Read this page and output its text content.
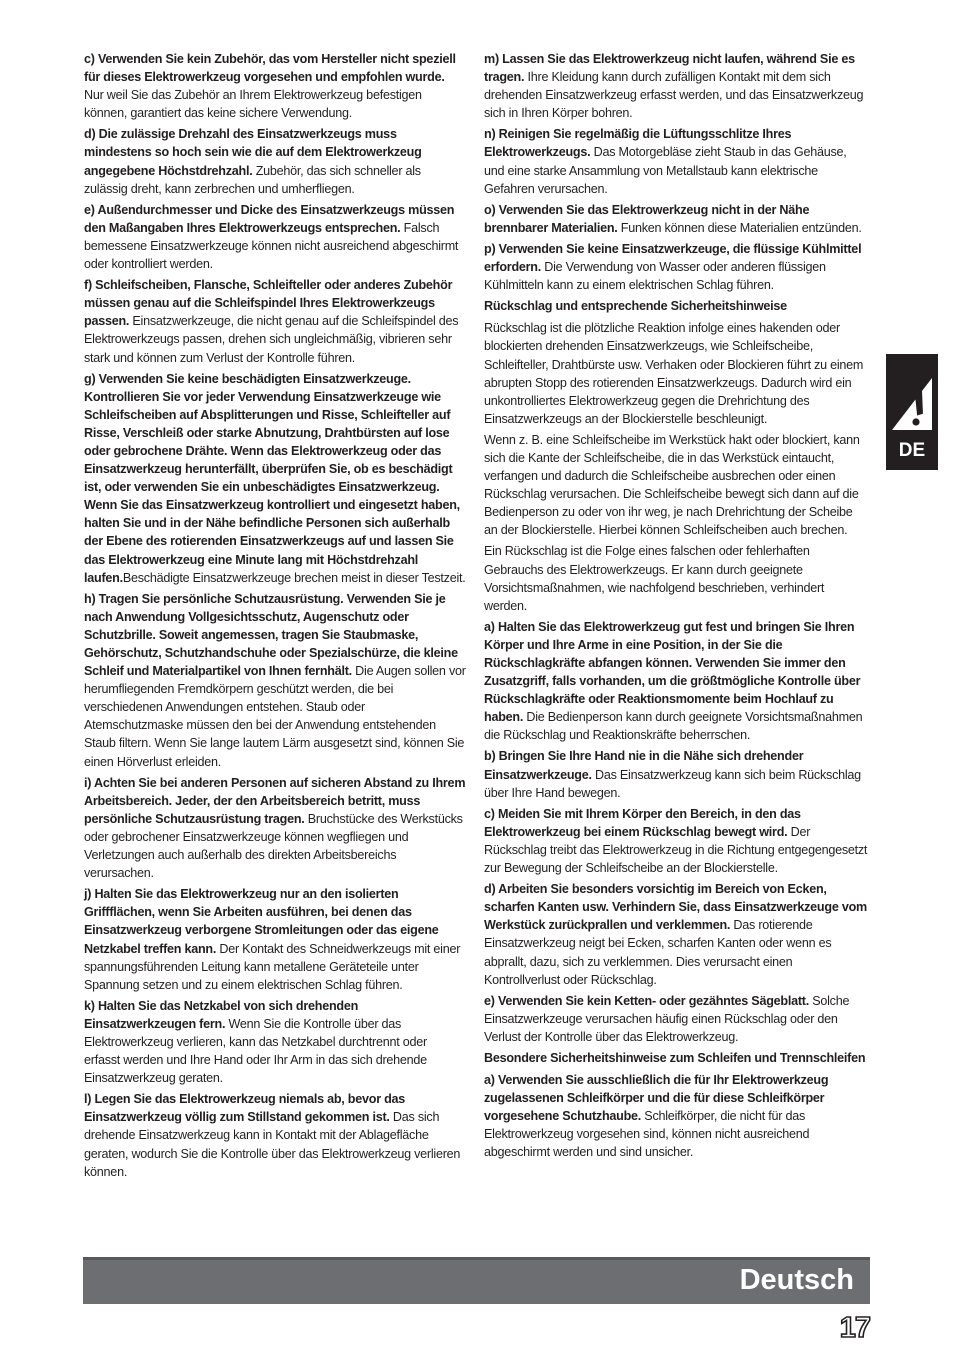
c) Verwenden Sie kein Zubehör, das vom Hersteller nicht speziell für dieses Elektrowerkzeug vorgesehen und empfohlen wurde. Nur weil Sie das Zubehör an Ihrem Elektrowerkzeug befestigen können, garantiert das keine sichere Verwendung.

d) Die zulässige Drehzahl des Einsatzwerkzeugs muss mindestens so hoch sein wie die auf dem Elektrowerkzeug angegebene Höchstdrehzahl. Zubehör, das sich schneller als zulässig dreht, kann zerbrechen und umherfliegen.

e) Außendurchmesser und Dicke des Einsatzwerkzeugs müssen den Maßangaben Ihres Elektrowerkzeugs entsprechen. Falsch bemessene Einsatzwerkzeuge können nicht ausreichend abgeschirmt oder kontrolliert werden.

f) Schleifscheiben, Flansche, Schleifteller oder anderes Zubehör müssen genau auf die Schleifspindel Ihres Elektrowerkzeugs passen. Einsatzwerkzeuge, die nicht genau auf die Schleifspindel des Elektrowerkzeugs passen, drehen sich ungleichmäßig, vibrieren sehr stark und können zum Verlust der Kontrolle führen.

g) Verwenden Sie keine beschädigten Einsatzwerkzeuge. Kontrollieren Sie vor jeder Verwendung Einsatzwerkzeuge wie Schleifscheiben auf Absplitterungen und Risse, Schleifteller auf Risse, Verschleiß oder starke Abnutzung, Drahtbürsten auf lose oder gebrochene Drähte. Wenn das Elektrowerkzeug oder das Einsatzwerkzeug herunterfällt, überprüfen Sie, ob es beschädigt ist, oder verwenden Sie ein unbeschädigtes Einsatzwerkzeug. Wenn Sie das Einsatzwerkzeug kontrolliert und eingesetzt haben, halten Sie und in der Nähe befindliche Personen sich außerhalb der Ebene des rotierenden Einsatzwerkzeugs auf und lassen Sie das Elektrowerkzeug eine Minute lang mit Höchstdrehzahl laufen.Beschädigte Einsatzwerkzeuge brechen meist in dieser Testzeit.

h) Tragen Sie persönliche Schutzausrüstung. Verwenden Sie je nach Anwendung Vollgesichtsschutz, Augenschutz oder Schutzbrille. Soweit angemessen, tragen Sie Staubmaske, Gehörschutz, Schutzhandschuhe oder Spezialschürze, die kleine Schleif und Materialpartikel von Ihnen fernhält. Die Augen sollen vor herumfliegenden Fremdkörpern geschützt werden, die bei verschiedenen Anwendungen entstehen. Staub oder Atemschutzmaske müssen den bei der Anwendung entstehenden Staub filtern. Wenn Sie lange lautem Lärm ausgesetzt sind, können Sie einen Hörverlust erleiden.

i) Achten Sie bei anderen Personen auf sicheren Abstand zu Ihrem Arbeitsbereich. Jeder, der den Arbeitsbereich betritt, muss persönliche Schutzausrüstung tragen. Bruchstücke des Werkstücks oder gebrochener Einsatzwerkzeuge können wegfliegen und Verletzungen auch außerhalb des direkten Arbeitsbereichs verursachen.

j) Halten Sie das Elektrowerkzeug nur an den isolierten Griffflächen, wenn Sie Arbeiten ausführen, bei denen das Einsatzwerkzeug verborgene Stromleitungen oder das eigene Netzkabel treffen kann. Der Kontakt des Schneidwerkzeugs mit einer spannungsführenden Leitung kann metallene Geräteteile unter Spannung setzen und zu einem elektrischen Schlag führen.

k) Halten Sie das Netzkabel von sich drehenden Einsatzwerkzeugen fern. Wenn Sie die Kontrolle über das Elektrowerkzeug verlieren, kann das Netzkabel durchtrennt oder erfasst werden und Ihre Hand oder Ihr Arm in das sich drehende Einsatzwerkzeug geraten.

l) Legen Sie das Elektrowerkzeug niemals ab, bevor das Einsatzwerkzeug völlig zum Stillstand gekommen ist. Das sich drehende Einsatzwerkzeug kann in Kontakt mit der Ablagefläche geraten, wodurch Sie die Kontrolle über das Elektrowerkzeug verlieren können.

m) Lassen Sie das Elektrowerkzeug nicht laufen, während Sie es tragen. Ihre Kleidung kann durch zufälligen Kontakt mit dem sich drehenden Einsatzwerkzeug erfasst werden, und das Einsatzwerkzeug sich in Ihren Körper bohren.

n) Reinigen Sie regelmäßig die Lüftungsschlitze Ihres Elektrowerkzeugs. Das Motorgebläse zieht Staub in das Gehäuse, und eine starke Ansammlung von Metallstaub kann elektrische Gefahren verursachen.

o) Verwenden Sie das Elektrowerkzeug nicht in der Nähe brennbarer Materialien. Funken können diese Materialien entzünden.

p) Verwenden Sie keine Einsatzwerkzeuge, die flüssige Kühlmittel erfordern. Die Verwendung von Wasser oder anderen flüssigen Kühlmitteln kann zu einem elektrischen Schlag führen.

Rückschlag und entsprechende Sicherheitshinweise

Rückschlag ist die plötzliche Reaktion infolge eines hakenden oder blockierten drehenden Einsatzwerkzeugs, wie Schleifscheibe, Schleifteller, Drahtbürste usw. Verhaken oder Blockieren führt zu einem abrupten Stopp des rotierenden Einsatzwerkzeugs. Dadurch wird ein unkontrolliertes Elektrowerkzeug gegen die Drehrichtung des Einsatzwerkzeugs an der Blockierstelle beschleunigt.

Wenn z. B. eine Schleifscheibe im Werkstück hakt oder blockiert, kann sich die Kante der Schleifscheibe, die in das Werkstück eintaucht, verfangen und dadurch die Schleifscheibe ausbrechen oder einen Rückschlag verursachen. Die Schleifscheibe bewegt sich dann auf die Bedienperson zu oder von ihr weg, je nach Drehrichtung der Scheibe an der Blockierstelle. Hierbei können Schleifscheiben auch brechen.

Ein Rückschlag ist die Folge eines falschen oder fehlerhaften Gebrauchs des Elektrowerkzeugs. Er kann durch geeignete Vorsichtsmaßnahmen, wie nachfolgend beschrieben, verhindert werden.

a) Halten Sie das Elektrowerkzeug gut fest und bringen Sie Ihren Körper und Ihre Arme in eine Position, in der Sie die Rückschlagkräfte abfangen können. Verwenden Sie immer den Zusatzgriff, falls vorhanden, um die größtmögliche Kontrolle über Rückschlagkräfte oder Reaktionsmomente beim Hochlauf zu haben. Die Bedienperson kann durch geeignete Vorsichtsmaßnahmen die Rückschlag und Reaktionskräfte beherrschen.

b) Bringen Sie Ihre Hand nie in die Nähe sich drehender Einsatzwerkzeuge. Das Einsatzwerkzeug kann sich beim Rückschlag über Ihre Hand bewegen.

c) Meiden Sie mit Ihrem Körper den Bereich, in den das Elektrowerkzeug bei einem Rückschlag bewegt wird. Der Rückschlag treibt das Elektrowerkzeug in die Richtung entgegengesetzt zur Bewegung der Schleifscheibe an der Blockierstelle.

d) Arbeiten Sie besonders vorsichtig im Bereich von Ecken, scharfen Kanten usw. Verhindern Sie, dass Einsatzwerkzeuge vom Werkstück zurückprallen und verklemmen. Das rotierende Einsatzwerkzeug neigt bei Ecken, scharfen Kanten oder wenn es abprallt, dazu, sich zu verklemmen. Dies verursacht einen Kontrollverlust oder Rückschlag.

e) Verwenden Sie kein Ketten- oder gezähntes Sägeblatt. Solche Einsatzwerkzeuge verursachen häufig einen Rückschlag oder den Verlust der Kontrolle über das Elektrowerkzeug.

Besondere Sicherheitshinweise zum Schleifen und Trennschleifen

a) Verwenden Sie ausschließlich die für Ihr Elektrowerkzeug zugelassenen Schleifkörper und die für diese Schleifkörper vorgesehene Schutzhaube. Schleifkörper, die nicht für das Elektrowerkzeug vorgesehen sind, können nicht ausreichend abgeschirmt werden und sind unsicher.

DE
Deutsch
17
